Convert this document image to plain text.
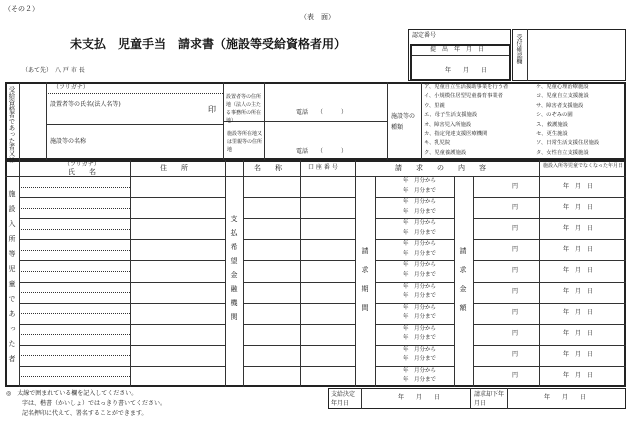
（その２）
（表　面）
未支払　児童手当　請求書（施設等受給資格者用）
（あて先）　八 戸 市 長
認定番号
提　出　年　月　日
年　　月　　日
受付確認欄
受給資格者であった者又は	（フリガナ）
設置者等の氏名(法人名等)
印
施設等の名称
設置者等の住所地（法人の主たる事務所の所在地）
施設等所在地又は里親等の住所地
電話 （　　　）
電話 （　　　）
施設等の種類
ア、児童自立生活援助事業を行う者
イ、小規模住居型児童養育事業者
ウ、里親
エ、母子生活支援施設
オ、障害児入所施設
カ、指定発達支援医療機関
キ、乳児院
ク、児童養護施設
ケ、児童心理治療施設
コ、児童自立支援施設
サ、障害者支援施設
シ、のぞみの園
ス、救護施設
セ、更生施設
ソ、日常生活支援住居施設
タ、女性自立支援施設
（フリガナ）
氏　　名	住　　所	名　　称	口 座 番 号	請　　求　　の　　内　　容	施設入所等児童でなくなった年月日
施設入所等児童であった者	支払希望金融機関	請求期間	請求金額
年　月分から
年　月分まで
円	年　月　日
年　月分から
年　月分まで
円	年　月　日
年　月分から
年　月分まで
円	年　月　日
年　月分から
年　月分まで
円	年　月　日
年　月分から
年　月分まで
円	年　月　日
年　月分から
年　月分まで
円	年　月　日
年　月分から
年　月分まで
円	年　月　日
年　月分から
年　月分まで
円	年　月　日
年　月分から
年　月分まで
円	年　月　日
年　月分から
年　月分まで
円	年　月　日
◎　太線で囲まれている欄を記入してください。
字は、楷書（かいしょ）ではっきり書いてください。
記名押印に代えて、署名することができます。
支給決定年月日
年　　月　　日	請求却下年月日
年　　月　　日
